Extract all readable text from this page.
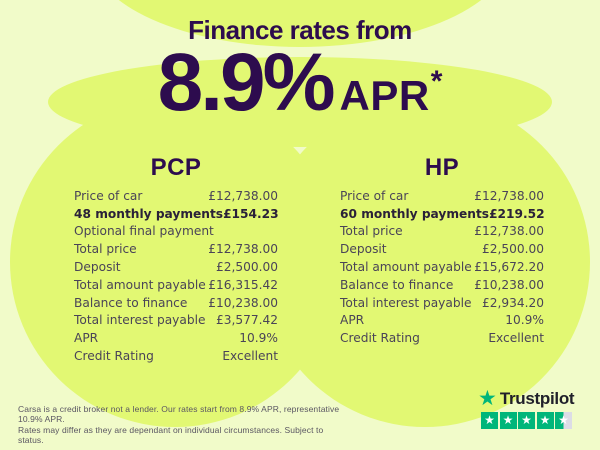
Finance rates from
8.9% APR *
PCP
Price of car	£12,738.00
48 monthly payments £154.23
Optional final payment
Total price	£12,738.00
Deposit	£2,500.00
Total amount payable £16,315.42
Balance to finance £10,238.00
Total interest payable £3,577.42
APR	10.9%
Credit Rating	Excellent
HP
Price of car	£12,738.00
60 monthly payments £219.52
Total price	£12,738.00
Deposit	£2,500.00
Total amount payable £15,672.20
Balance to finance £10,238.00
Total interest payable £2,934.20
APR	10.9%
Credit Rating	Excellent
Carsa is a credit broker not a lender. Our rates start from 8.9% APR, representative 10.9% APR.
Rates may differ as they are dependant on individual circumstances. Subject to status.
★ Trustpilot
★ ★ ★ ★ ★
